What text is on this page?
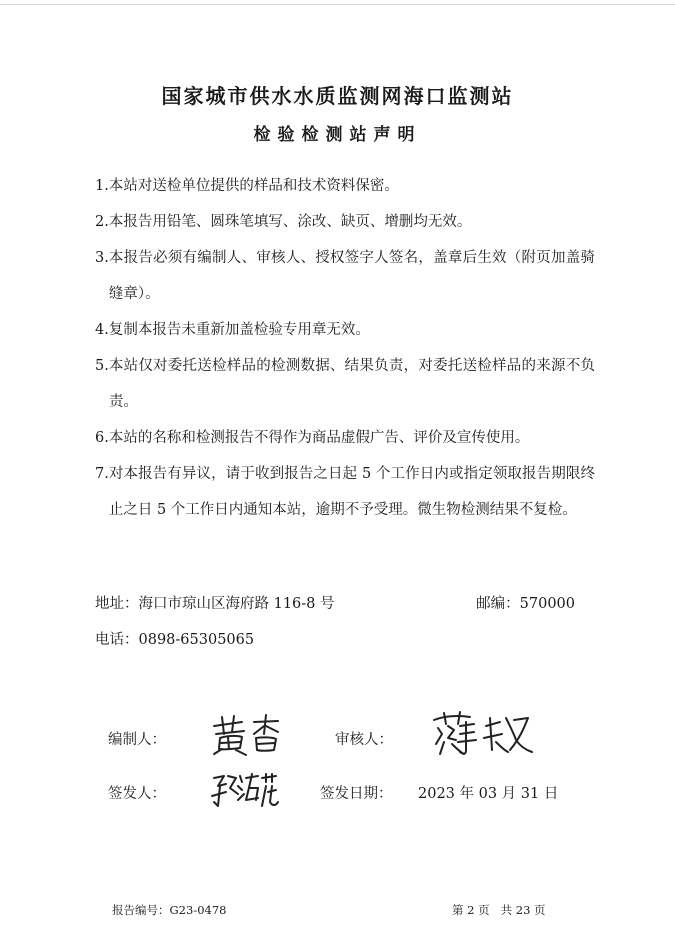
国家城市供水水质监测网海口监测站
检验检测站声明
1. 本站对送检单位提供的样品和技术资料保密。
2. 本报告用铅笔、圆珠笔填写、涂改、缺页、增删均无效。
3. 本报告必须有编制人、审核人、授权签字人签名，盖章后生效（附页加盖骑缝章）。
4. 复制本报告未重新加盖检验专用章无效。
5. 本站仅对委托送检样品的检测数据、结果负责，对委托送检样品的来源不负责。
6. 本站的名称和检测报告不得作为商品虚假广告、评价及宣传使用。
7. 对本报告有异议，请于收到报告之日起 5 个工作日内或指定领取报告期限终止之日 5 个工作日内通知本站，逾期不予受理。微生物检测结果不复检。
地址：海口市琼山区海府路 116-8 号	邮编：570000
电话：0898-65305065
编制人：	审核人：
签发人：	签发日期： 2023 年 03 月 31 日
报告编号：G23-0478	第 2 页   共 23 页
